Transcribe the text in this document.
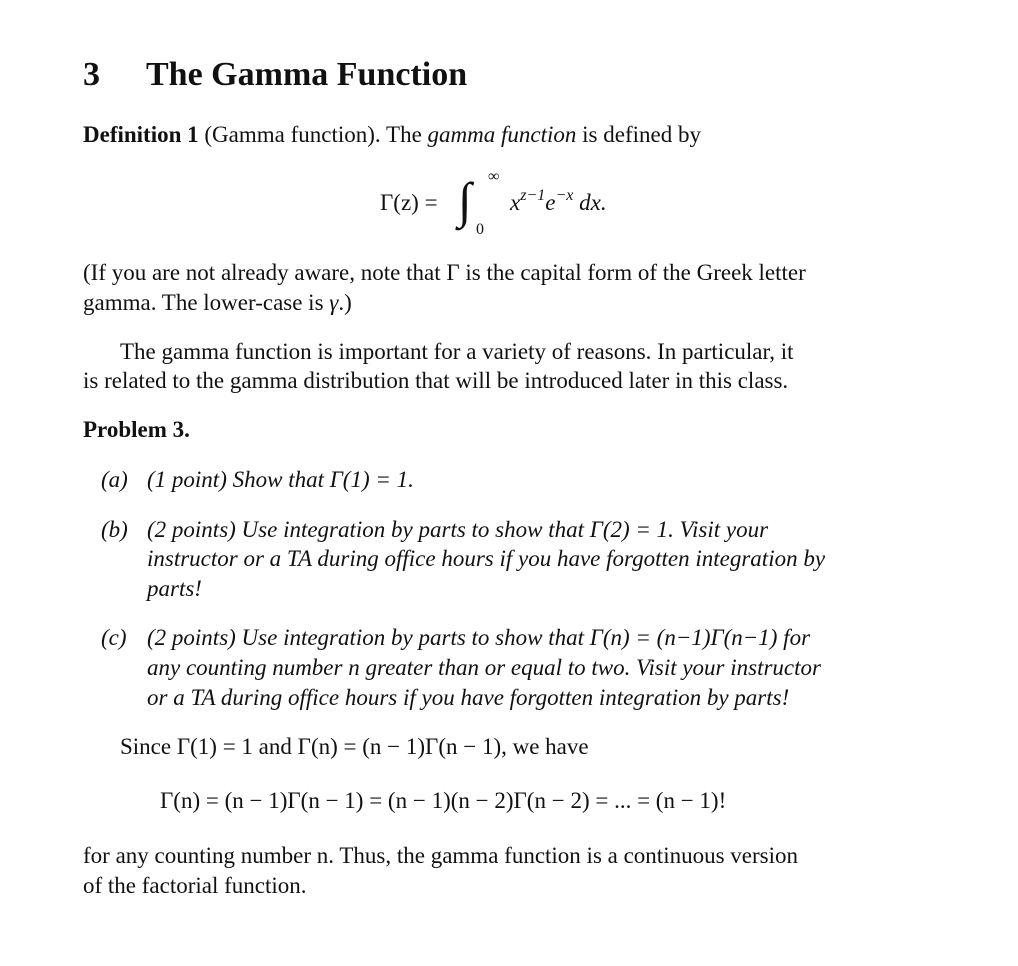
3 The Gamma Function
Definition 1 (Gamma function). The gamma function is defined by
Γ(z) = ∫ ∞
0
$x^{z-1}e^{-x}$ dx.
(If you are not already aware, note that Γ is the capital form of the Greek letter
gamma. The lower-case is γ.)
The gamma function is important for a variety of reasons. In particular, it
is related to the gamma distribution that will be introduced later in this class.
Problem 3.
(a) (1 point) Show that Γ(1) = 1.
(b) (2 points) Use integration by parts to show that Γ(2) = 1. Visit your
instructor or a TA during office hours if you have forgotten integration by
parts!
(c) (2 points) Use integration by parts to show that Γ(n) = (n−1)Γ(n−1) for
any counting number n greater than or equal to two. Visit your instructor
or a TA during office hours if you have forgotten integration by parts!
Since Γ(1) = 1 and Γ(n) = (n − 1)Γ(n − 1), we have
Γ(n) = (n − 1)Γ(n − 1) = (n − 1)(n − 2)Γ(n − 2) = ... = (n − 1)!
for any counting number n. Thus, the gamma function is a continuous version
of the factorial function.
